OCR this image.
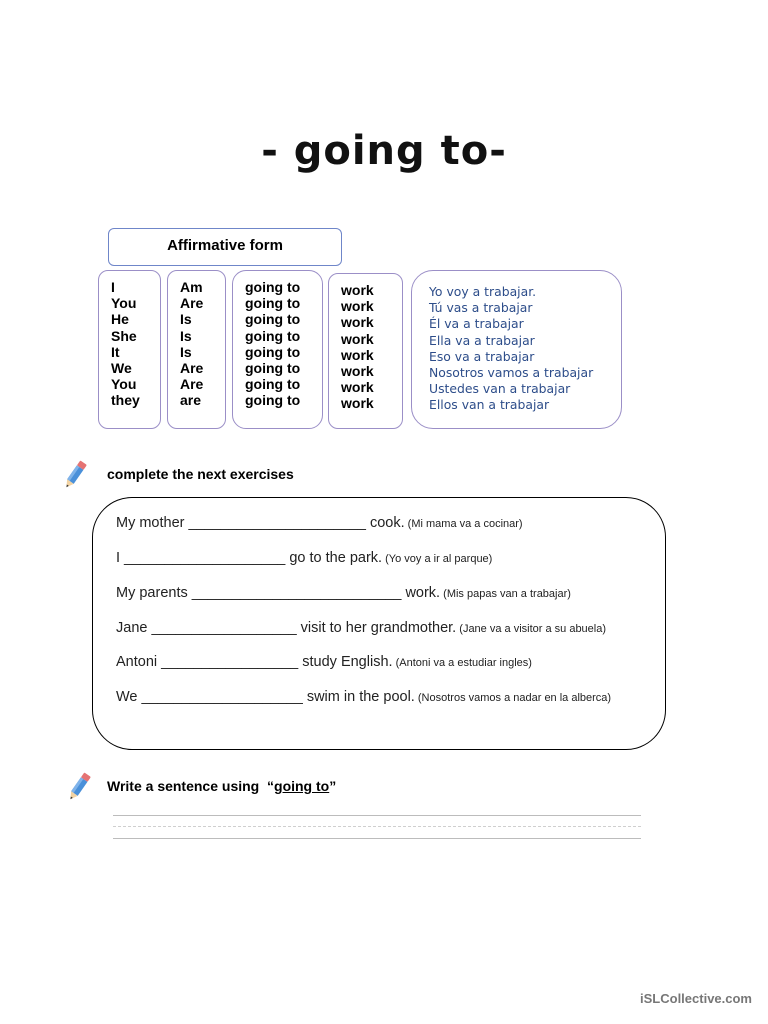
- going to-
Affirmative form
I
You
He
She
It
We
You
they
Am
Are
Is
Is
Is
Are
Are
are
going to
going to
going to
going to
going to
going to
going to
going to
work
work
work
work
work
work
work
work
Yo voy a trabajar.
Tú vas a trabajar
Él va a trabajar
Ella va a trabajar
Eso va a trabajar
Nosotros vamos a trabajar
Ustedes van a trabajar
Ellos van a trabajar
complete the next exercises
My mother ______________________ cook. (Mi mama va a cocinar)
I ____________________ go to the park. (Yo voy a ir al parque)
My parents __________________________ work. (Mis papas van a trabajar)
Jane __________________ visit to her grandmother. (Jane va a visitor a su abuela)
Antoni _________________ study English. (Antoni va a estudiar ingles)
We ____________________ swim in the pool. (Nosotros vamos a nadar en la alberca)
Write a sentence using  “going to”
iSLCollective.com
